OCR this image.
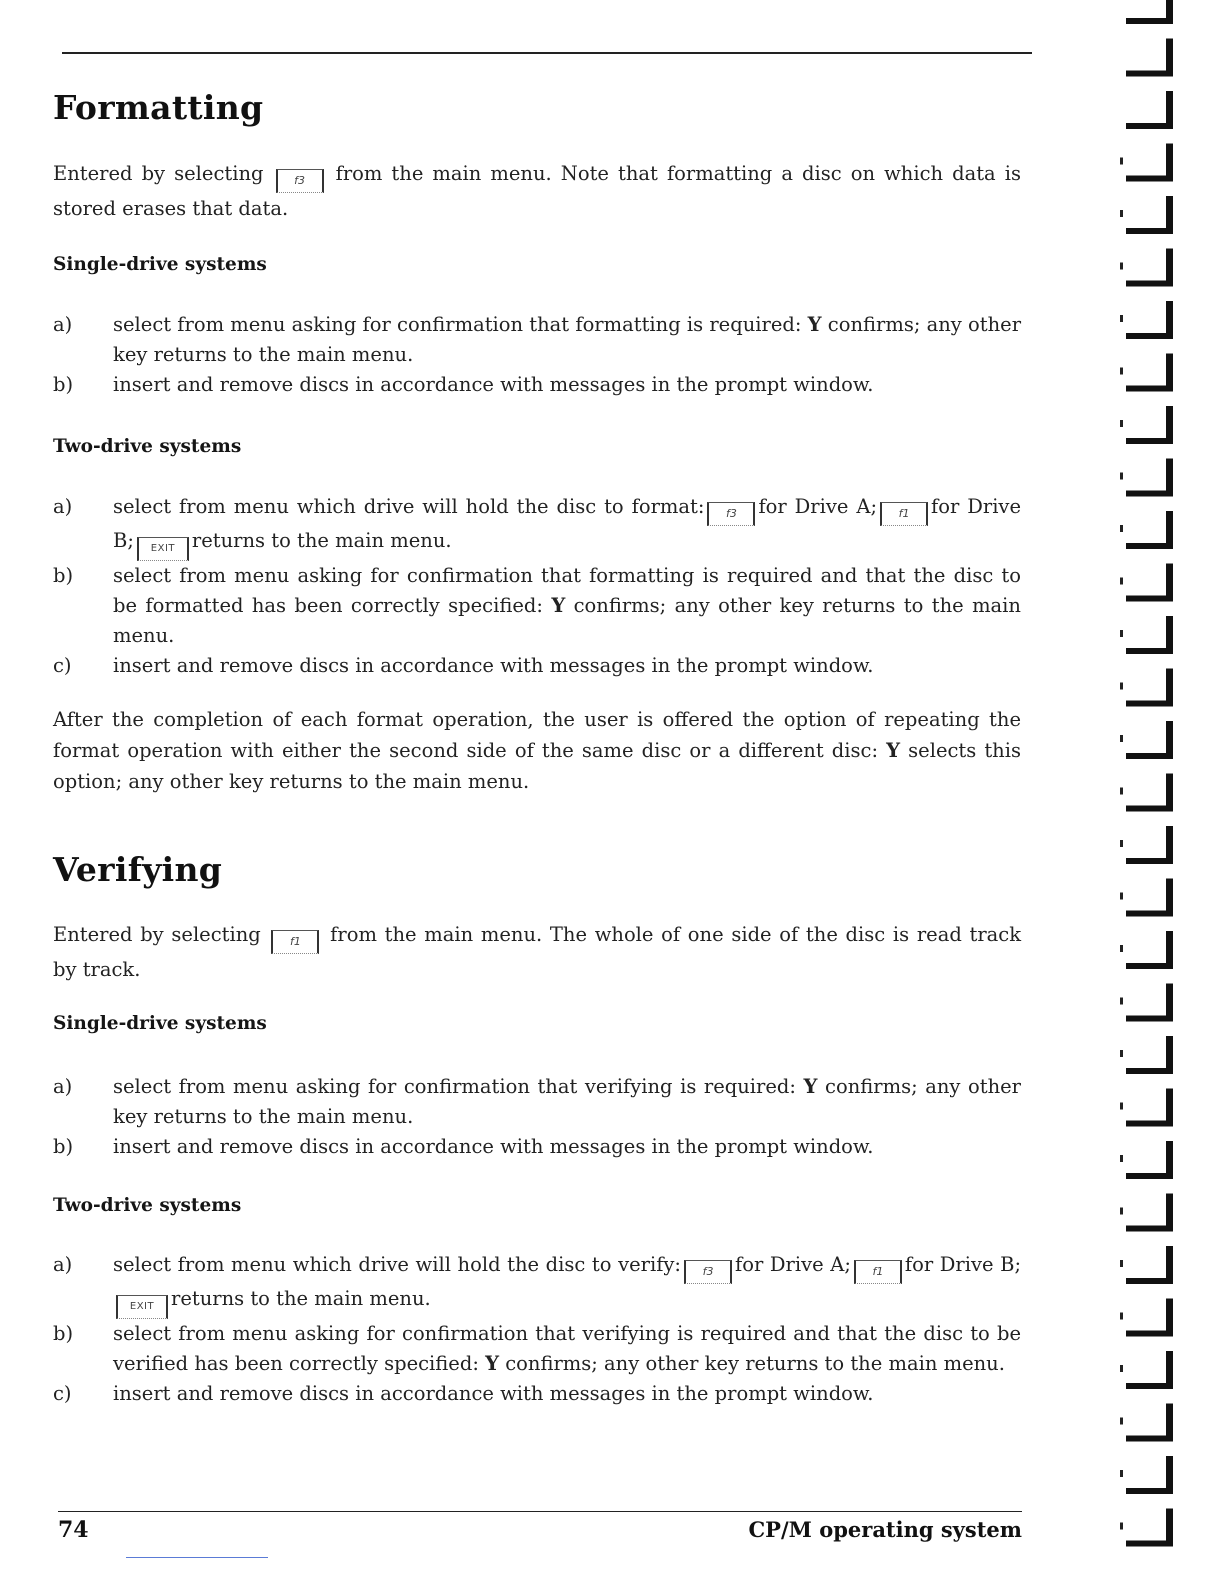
Formatting

Entered by selecting	f3 from the main menu. Note that formatting a disc on which data is stored erases that data.

Single-drive systems
a)	select from menu asking for confirmation that formatting is required: Y confirms; any other key returns to the main menu.
b)	insert and remove discs in accordance with messages in the prompt window.
Two-drive systems
a)	select from menu which drive will hold the disc to format: f3 for Drive A; f1 for Drive B; EXIT returns to the main menu.
b)	select from menu asking for confirmation that formatting is required and that the disc to be formatted has been correctly specified: Y confirms; any other key returns to the main menu.
c)	insert and remove discs in accordance with messages in the prompt window.

After the completion of each format operation, the user is offered the option of repeating the format operation with either the second side of the same disc or a different disc: Y selects this option; any other key returns to the main menu.

Verifying

Entered by selecting	f1 from the main menu. The whole of one side of the disc is read track by track.

Single-drive systems
a)	select from menu asking for confirmation that verifying is required: Y confirms; any other key returns to the main menu.
b)	insert and remove discs in accordance with messages in the prompt window.
Two-drive systems
a)	select from menu which drive will hold the disc to verify: f3 for Drive A; f1 for Drive B;EXIT returns to the main menu.
b)	select from menu asking for confirmation that verifying is required and that the disc to be verified has been correctly specified: Y confirms; any other key returns to the main menu.
c)	insert and remove discs in accordance with messages in the prompt window.
74	CP/M operating system
